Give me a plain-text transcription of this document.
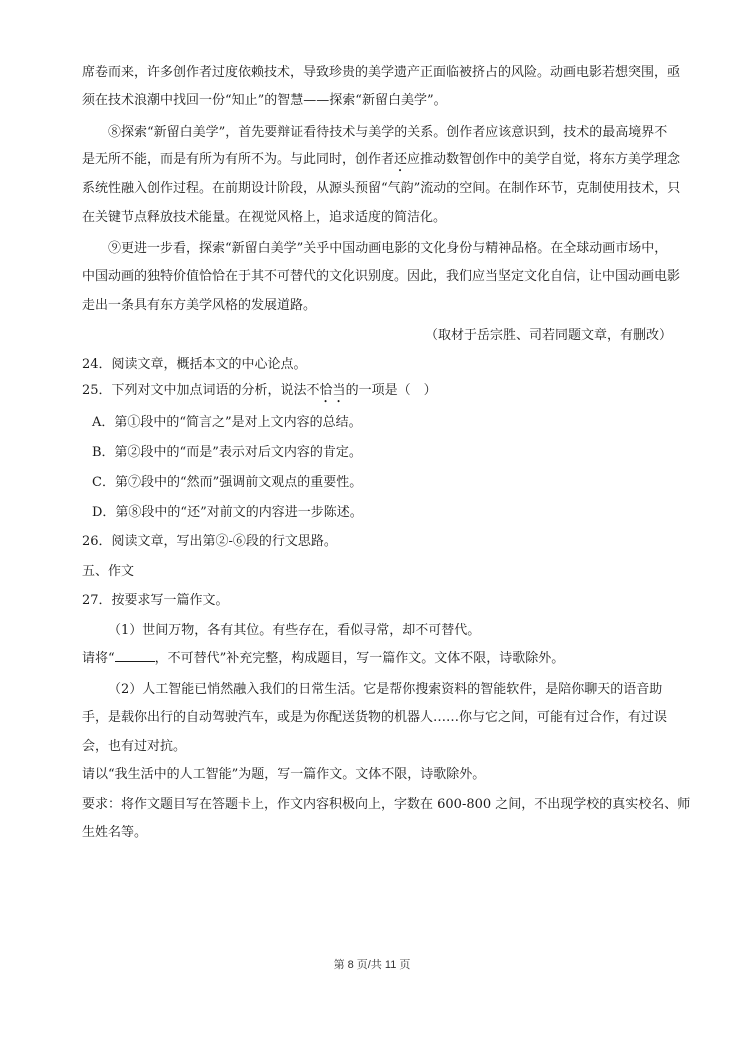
席卷而来，许多创作者过度依赖技术，导致珍贵的美学遗产正面临被挤占的风险。动画电影若想突围，亟
须在技术浪潮中找回一份“知止”的智慧——探索“新留白美学”。
⑧探索“新留白美学”，首先要辩证看待技术与美学的关系。创作者应该意识到，技术的最高境界不
是无所不能，而是有所为有所不为。与此同时，创作者还应推动数智创作中的美学自觉，将东方美学理念
系统性融入创作过程。在前期设计阶段，从源头预留“气韵”流动的空间。在制作环节，克制使用技术，只
在关键节点释放技术能量。在视觉风格上，追求适度的简洁化。
⑨更进一步看，探索“新留白美学”关乎中国动画电影的文化身份与精神品格。在全球动画市场中，
中国动画的独特价值恰恰在于其不可替代的文化识别度。因此，我们应当坚定文化自信，让中国动画电影
走出一条具有东方美学风格的发展道路。
（取材于岳宗胜、司若同题文章，有删改）
24．阅读文章，概括本文的中心论点。
25．下列对文中加点词语的分析，说法不恰当的一项是（　）
A．第①段中的“简言之”是对上文内容的总结。
B．第②段中的“而是”表示对后文内容的肯定。
C．第⑦段中的“然而”强调前文观点的重要性。
D．第⑧段中的“还”对前文的内容进一步陈述。
26．阅读文章，写出第②-⑥段的行文思路。
五、作文
27．按要求写一篇作文。
（1）世间万物，各有其位。有些存在，看似寻常，却不可替代。
请将“	，不可替代”补充完整，构成题目，写一篇作文。文体不限，诗歌除外。
（2）人工智能已悄然融入我们的日常生活。它是帮你搜索资料的智能软件，是陪你聊天的语音助
手，是载你出行的自动驾驶汽车，或是为你配送货物的机器人……你与它之间，可能有过合作，有过误
会，也有过对抗。
请以“我生活中的人工智能”为题，写一篇作文。文体不限，诗歌除外。
要求：将作文题目写在答题卡上，作文内容积极向上，字数在 600-800 之间，不出现学校的真实校名、师
生姓名等。
第 8 页/共 11 页
